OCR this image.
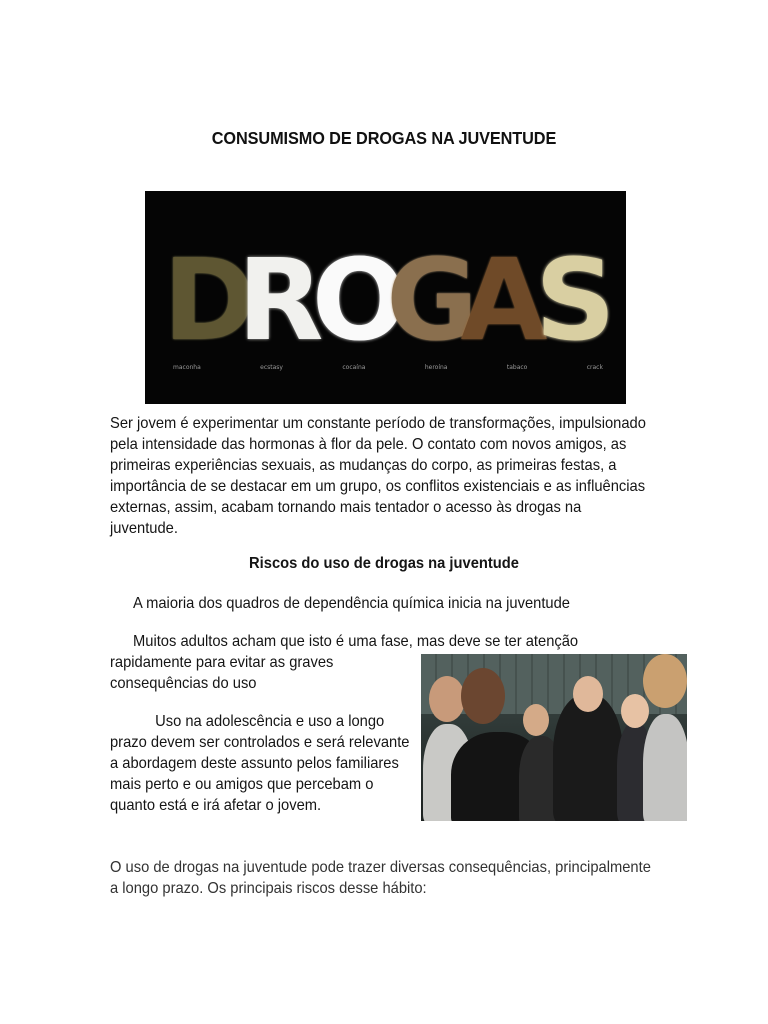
CONSUMISMO DE DROGAS NA JUVENTUDE
D
R
O
G
A
S
maconha	ecstasy	cocaína	heroína	tabaco	crack
Ser jovem é experimentar um constante período de transformações, impulsionado pela intensidade das hormonas à flor da pele. O contato com novos amigos, as primeiras experiências sexuais, as mudanças do corpo, as primeiras festas, a importância de se destacar em um grupo, os conflitos existenciais e as influências externas, assim, acabam tornando mais tentador o acesso às drogas na juventude.
Riscos do uso de drogas na juventude
A maioria dos quadros de dependência química inicia na juventude
Muitos adultos acham que isto é uma fase, mas deve se ter atenção
rapidamente para evitar as graves consequências do uso
Uso na adolescência e uso a longo prazo devem ser controlados e será relevante a abordagem deste assunto pelos familiares mais perto e ou amigos que percebam o quanto está e irá afetar o jovem.
O uso de drogas na juventude pode trazer diversas consequências, principalmente a longo prazo. Os principais riscos desse hábito:
